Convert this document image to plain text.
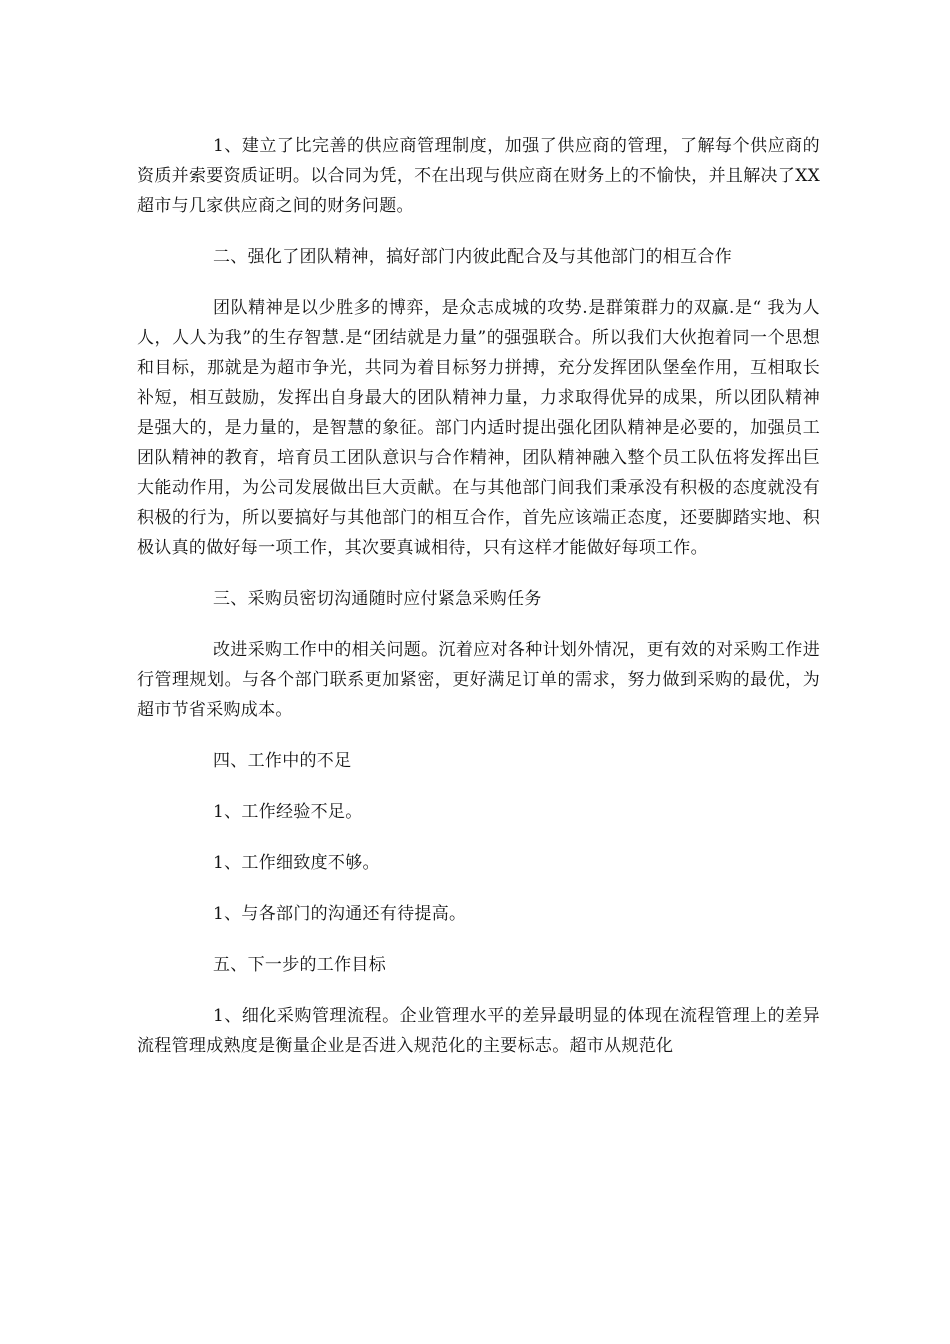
1、建立了比完善的供应商管理制度，加强了供应商的管理，了解每个供应商的资质并索要资质证明。以合同为凭，不在出现与供应商在财务上的不愉快，并且解决了XX超市与几家供应商之间的财务问题。

二、强化了团队精神，搞好部门内彼此配合及与其他部门的相互合作

团队精神是以少胜多的博弈，是众志成城的攻势.是群策群力的双赢.是“ 我为人人，人人为我”的生存智慧.是“团结就是力量”的强强联合。所以我们大伙抱着同一个思想和目标，那就是为超市争光，共同为着目标努力拼搏，充分发挥团队堡垒作用，互相取长补短，相互鼓励，发挥出自身最大的团队精神力量，力求取得优异的成果，所以团队精神是强大的，是力量的，是智慧的象征。部门内适时提出强化团队精神是必要的，加强员工团队精神的教育，培育员工团队意识与合作精神，团队精神融入整个员工队伍将发挥出巨大能动作用，为公司发展做出巨大贡献。在与其他部门间我们秉承没有积极的态度就没有积极的行为，所以要搞好与其他部门的相互合作，首先应该端正态度，还要脚踏实地、积极认真的做好每一项工作，其次要真诚相待，只有这样才能做好每项工作。

三、采购员密切沟通随时应付紧急采购任务

改进采购工作中的相关问题。沉着应对各种计划外情况，更有效的对采购工作进行管理规划。与各个部门联系更加紧密，更好满足订单的需求，努力做到采购的最优，为超市节省采购成本。

四、工作中的不足

1、工作经验不足。

1、工作细致度不够。

1、与各部门的沟通还有待提高。

五、下一步的工作目标

1、细化采购管理流程。企业管理水平的差异最明显的体现在流程管理上的差异流程管理成熟度是衡量企业是否进入规范化的主要标志。超市从规范化
